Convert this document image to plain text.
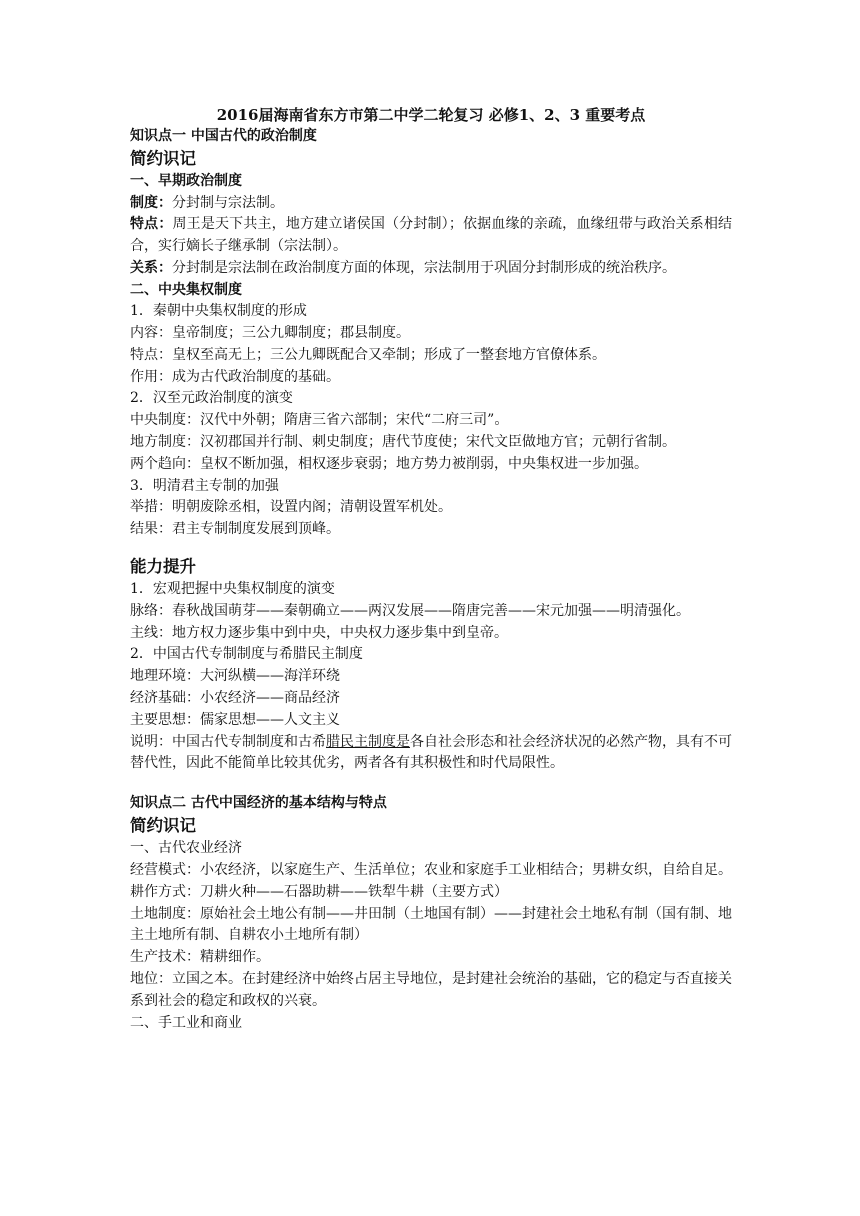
2016届海南省东方市第二中学二轮复习 必修1、2、3 重要考点
知识点一 中国古代的政治制度
简约识记
一、早期政治制度
制度：分封制与宗法制。
特点：周王是天下共主，地方建立诸侯国（分封制）；依据血缘的亲疏，血缘纽带与政治关系相结合，实行嫡长子继承制（宗法制）。
关系：分封制是宗法制在政治制度方面的体现，宗法制用于巩固分封制形成的统治秩序。
二、中央集权制度
1．秦朝中央集权制度的形成
内容：皇帝制度；三公九卿制度；郡县制度。
特点：皇权至高无上；三公九卿既配合又牵制；形成了一整套地方官僚体系。
作用：成为古代政治制度的基础。
2．汉至元政治制度的演变
中央制度：汉代中外朝；隋唐三省六部制；宋代“二府三司”。
地方制度：汉初郡国并行制、刺史制度；唐代节度使；宋代文臣做地方官；元朝行省制。
两个趋向：皇权不断加强，相权逐步衰弱；地方势力被削弱，中央集权进一步加强。
3．明清君主专制的加强
举措：明朝废除丞相，设置内阁；清朝设置军机处。
结果：君主专制制度发展到顶峰。
能力提升
1．宏观把握中央集权制度的演变
脉络：春秋战国萌芽——秦朝确立——两汉发展——隋唐完善——宋元加强——明清强化。
主线：地方权力逐步集中到中央，中央权力逐步集中到皇帝。
2．中国古代专制制度与希腊民主制度
地理环境：大河纵横——海洋环绕
经济基础：小农经济——商品经济
主要思想：儒家思想——人文主义
说明：中国古代专制制度和古希腊民主制度是各自社会形态和社会经济状况的必然产物，具有不可替代性，因此不能简单比较其优劣，两者各有其积极性和时代局限性。
知识点二 古代中国经济的基本结构与特点
简约识记
一、古代农业经济
经营模式：小农经济，以家庭生产、生活单位；农业和家庭手工业相结合；男耕女织，自给自足。
耕作方式：刀耕火种——石器助耕——铁犁牛耕（主要方式）
土地制度：原始社会土地公有制——井田制（土地国有制）——封建社会土地私有制（国有制、地主土地所有制、自耕农小土地所有制）
生产技术：精耕细作。
地位：立国之本。在封建经济中始终占居主导地位，是封建社会统治的基础，它的稳定与否直接关系到社会的稳定和政权的兴衰。
二、手工业和商业
